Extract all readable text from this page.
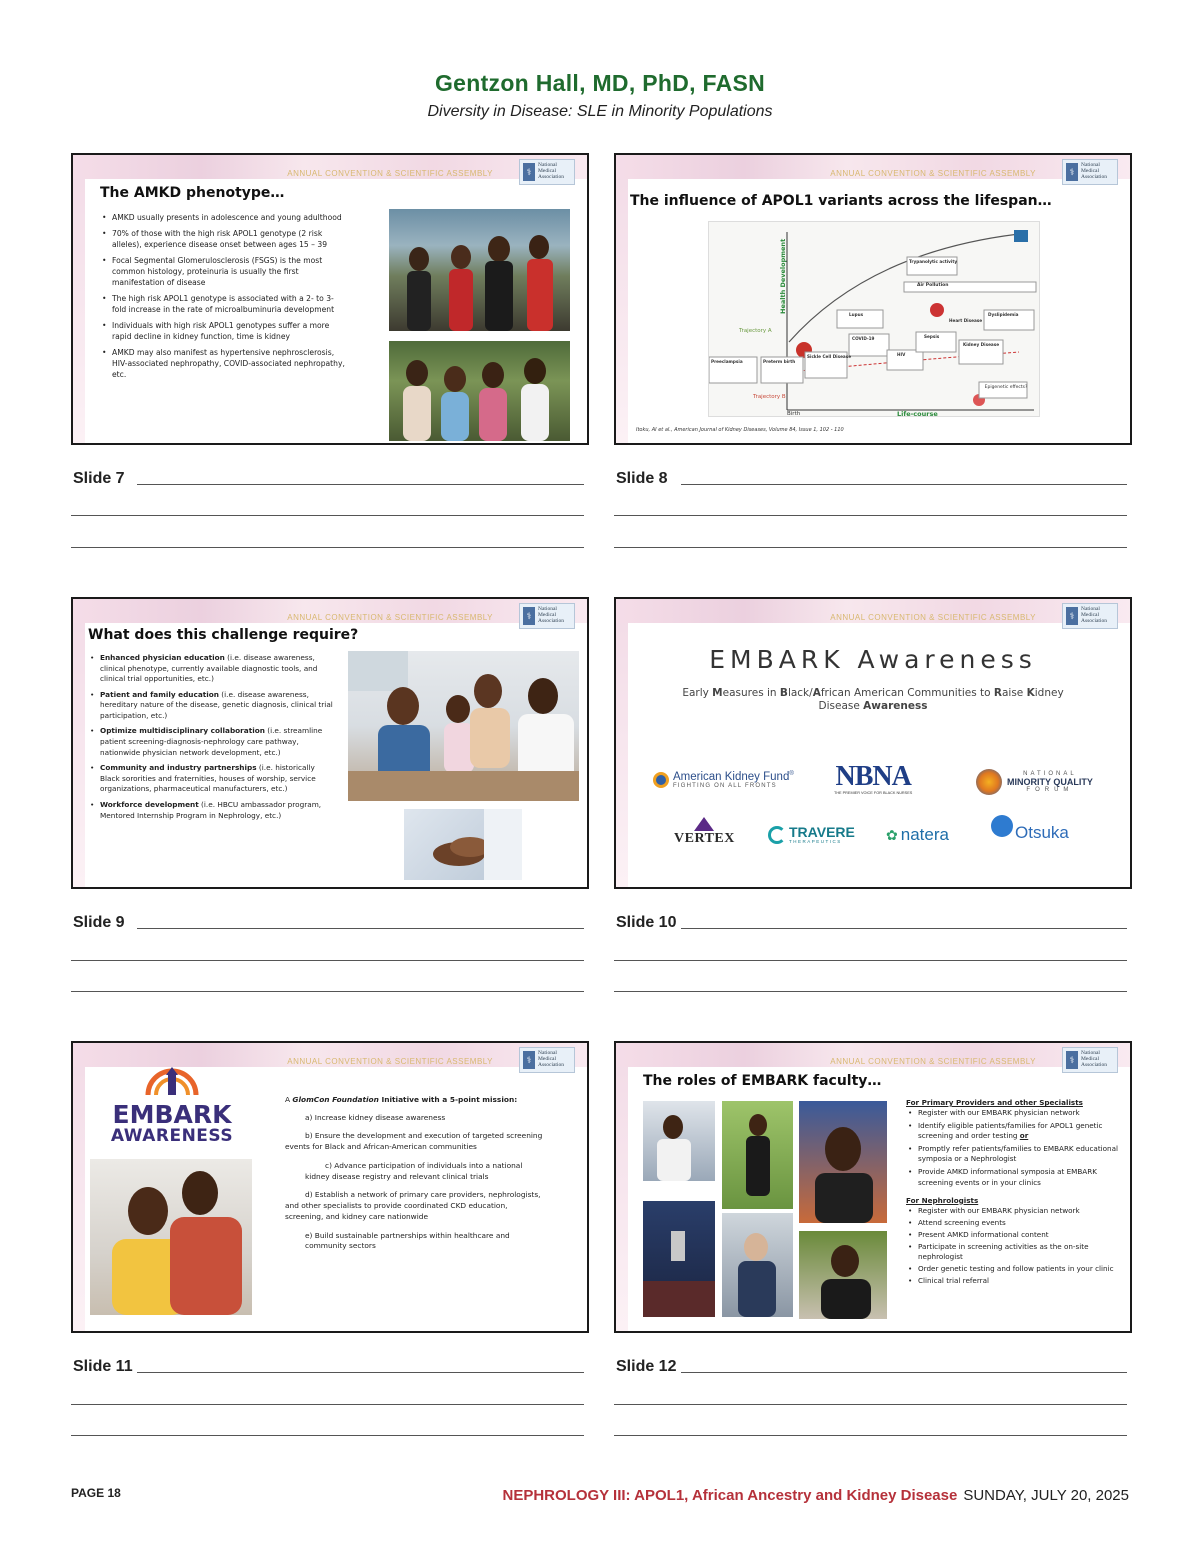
Gentzon Hall, MD, PhD, FASN
Diversity in Disease: SLE in Minority Populations
ANNUAL CONVENTION & SCIENTIFIC ASSEMBLY	⚕
National
Medical
Association
The AMKD phenotype…
• AMKD usually presents in adolescence and young adulthood
• 70% of those with the high risk APOL1 genotype (2 risk alleles), experience disease onset between ages 15 – 39
• Focal Segmental Glomerulosclerosis (FSGS) is the most common histology, proteinuria is usually the first manifestation of disease
• The high risk APOL1 genotype is associated with a 2- to 3-fold increase in the rate of microalbuminuria development
• Individuals with high risk APOL1 genotypes suffer a more rapid decline in kidney function, time is kidney
• AMKD may also manifest as hypertensive nephrosclerosis, HIV-associated nephropathy, COVID-associated nephropathy, etc.
Slide 7
ANNUAL CONVENTION & SCIENTIFIC ASSEMBLY	⚕
National
Medical
Association
The influence of APOL1 variants across the lifespan…
Health Development
Life-course
Birth
Trajectory A
Trajectory B
Air Pollution
Trypanolytic activity
Heart Disease
Epigenetic effects?
Preeclampsia	Preterm birth
Sickle Cell Disease
Lupus
COVID-19
HIV
Sepsis
Kidney Disease
Dyslipidemia
Itoku, AI et al., American Journal of Kidney Diseases, Volume 84, Issue 1, 102 - 110
Slide 8
ANNUAL CONVENTION & SCIENTIFIC ASSEMBLY	⚕
National
Medical
Association
What does this challenge require?
• Enhanced physician education (i.e. disease awareness, clinical phenotype, currently available diagnostic tools, and clinical trial opportunities, etc.)
• Patient and family education (i.e. disease awareness, hereditary nature of the disease, genetic diagnosis, clinical trial participation, etc.)
• Optimize multidisciplinary collaboration (i.e. streamline patient screening-diagnosis-nephrology care pathway, nationwide physician network development, etc.)
• Community and industry partnerships (i.e. historically Black sororities and fraternities, houses of worship, service organizations, pharmaceutical manufacturers, etc.)
• Workforce development (i.e. HBCU ambassador program, Mentored Internship Program in Nephrology, etc.)
Slide 9
ANNUAL CONVENTION & SCIENTIFIC ASSEMBLY	⚕
National
Medical
Association
EMBARK Awareness
Early Measures in Black/African American Communities to Raise Kidney
Disease Awareness
American Kidney Fund®
FIGHTING ON ALL FRONTS	NBNA
THE PREMIER VOICE FOR BLACK NURSES
NATIONAL
MINORITY QUALITY
FORUM
VERTEX	TRAVERE
THERAPEUTICS	✿ natera	Otsuka
Slide 10
ANNUAL CONVENTION & SCIENTIFIC ASSEMBLY	⚕
National
Medical
Association
EMBARK
AWARENESS
A GlomCon Foundation Initiative with a 5-point mission:
a) Increase kidney disease awareness
b) Ensure the development and execution of targeted screening events for Black and African-American communities
c) Advance participation of individuals into a national kidney disease registry and relevant clinical trials
d) Establish a network of primary care providers, nephrologists, and other specialists to provide coordinated CKD education, screening, and kidney care nationwide
e) Build sustainable partnerships within healthcare and community sectors
Slide 11
ANNUAL CONVENTION & SCIENTIFIC ASSEMBLY	⚕
National
Medical
Association
The roles of EMBARK faculty…
For Primary Providers and other Specialists
• Register with our EMBARK physician network
• Identify eligible patients/families for APOL1 genetic screening and order testing or
• Promptly refer patients/families to EMBARK educational symposia or a Nephrologist
• Provide AMKD informational symposia at EMBARK screening events or in your clinics
For Nephrologists
• Register with our EMBARK physician network
• Attend screening events
• Present AMKD informational content
• Participate in screening activities as the on-site nephrologist
• Order genetic testing and follow patients in your clinic
• Clinical trial referral
Slide 12
PAGE 18	NEPHROLOGY III: APOL1, African Ancestry and Kidney Disease SUNDAY, JULY 20, 2025
